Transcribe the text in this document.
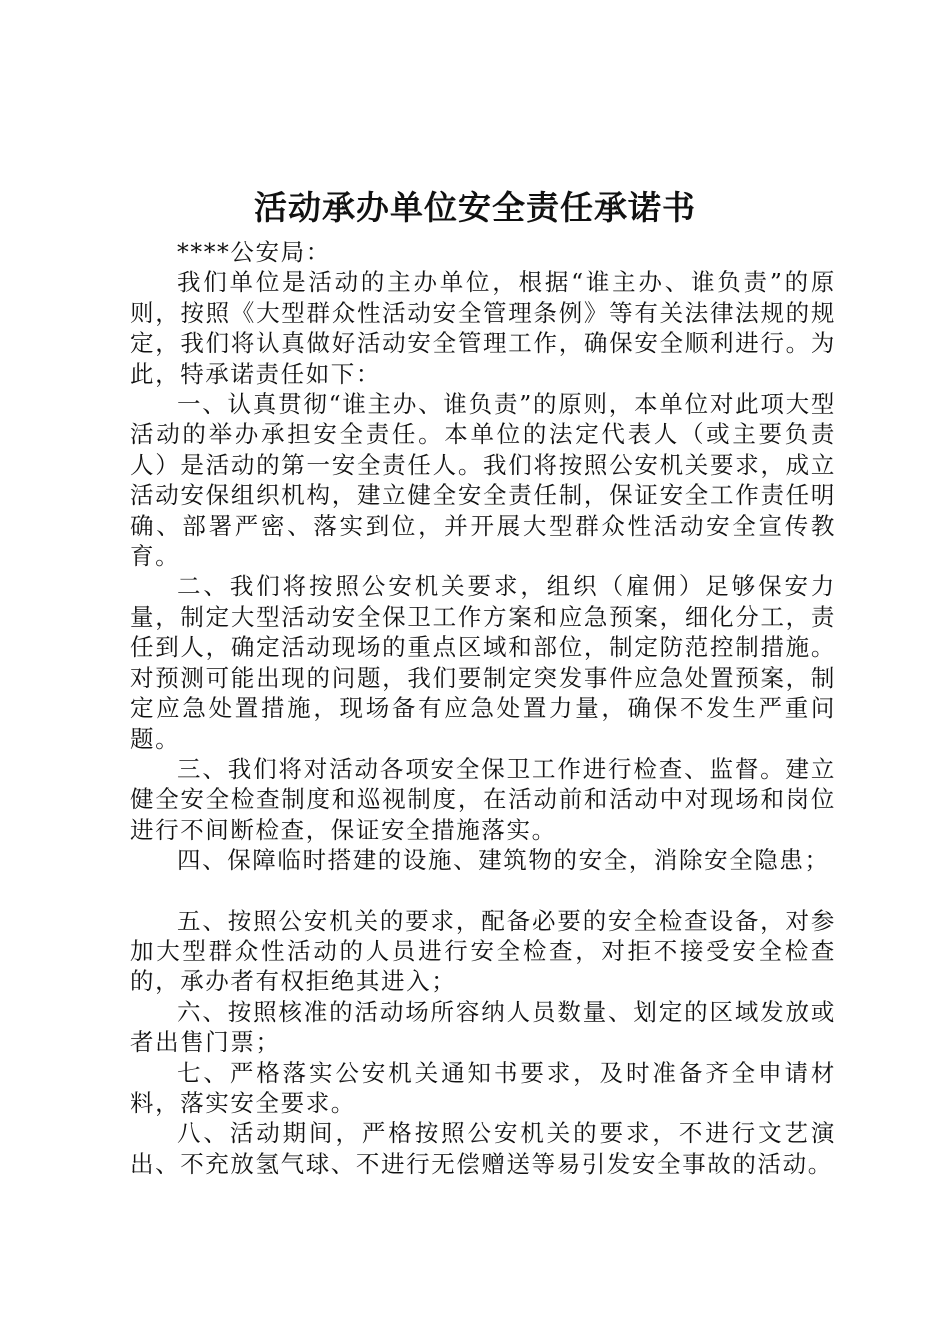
活动承办单位安全责任承诺书

****公安局：

我们单位是活动的主办单位，根据“谁主办、谁负责”的原则，按照《大型群众性活动安全管理条例》等有关法律法规的规定，我们将认真做好活动安全管理工作，确保安全顺利进行。为此，特承诺责任如下：

一、认真贯彻“谁主办、谁负责”的原则，本单位对此项大型活动的举办承担安全责任。本单位的法定代表人（或主要负责人）是活动的第一安全责任人。我们将按照公安机关要求，成立活动安保组织机构，建立健全安全责任制，保证安全工作责任明确、部署严密、落实到位，并开展大型群众性活动安全宣传教育。

二、我们将按照公安机关要求，组织（雇佣）足够保安力量，制定大型活动安全保卫工作方案和应急预案，细化分工，责任到人，确定活动现场的重点区域和部位，制定防范控制措施。对预测可能出现的问题，我们要制定突发事件应急处置预案，制定应急处置措施，现场备有应急处置力量，确保不发生严重问题。

三、我们将对活动各项安全保卫工作进行检查、监督。建立健全安全检查制度和巡视制度，在活动前和活动中对现场和岗位进行不间断检查，保证安全措施落实。

四、保障临时搭建的设施、建筑物的安全，消除安全隐患；

五、按照公安机关的要求，配备必要的安全检查设备，对参加大型群众性活动的人员进行安全检查，对拒不接受安全检查的，承办者有权拒绝其进入；

六、按照核准的活动场所容纳人员数量、划定的区域发放或者出售门票；

七、严格落实公安机关通知书要求，及时准备齐全申请材料，落实安全要求。

八、活动期间，严格按照公安机关的要求，不进行文艺演出、不充放氢气球、不进行无偿赠送等易引发安全事故的活动。
